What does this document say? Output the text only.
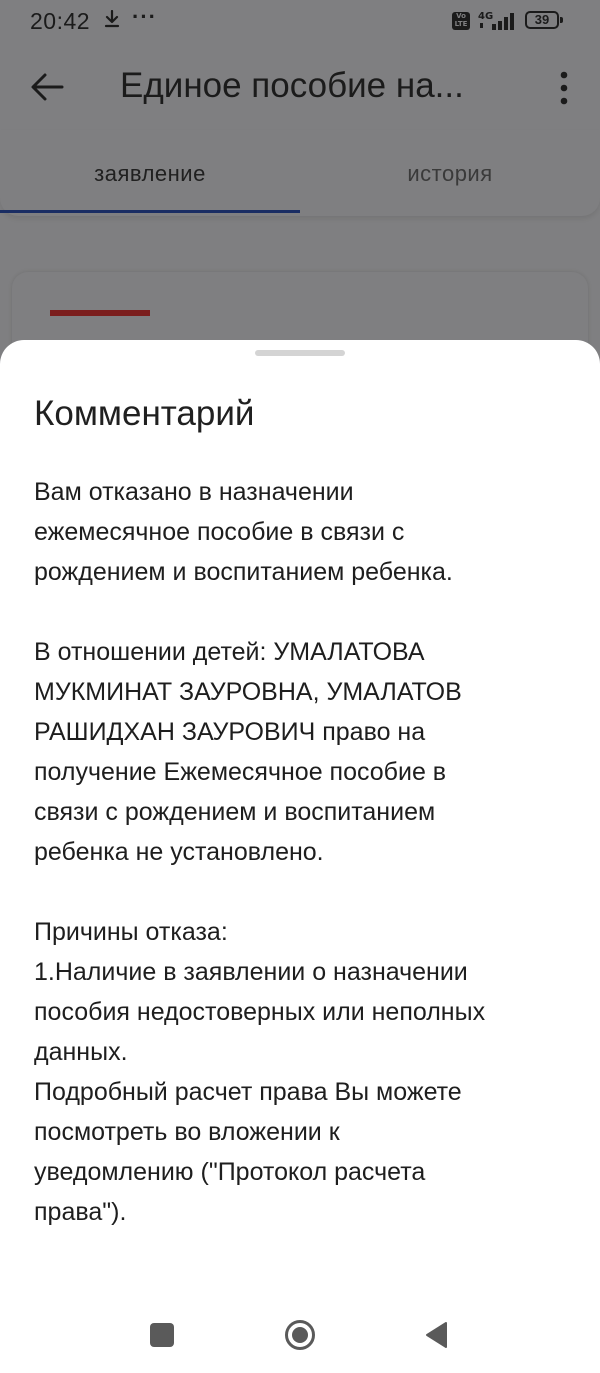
20:42 ···	Vo LTE
4G	39
Единое пособие на...
заявление	история
Комментарий

Вам отказано в назначении
ежемесячное пособие в связи с
рождением и воспитанием ребенка.

В отношении детей: УМАЛАТОВА
МУКМИНАТ ЗАУРОВНА, УМАЛАТОВ
РАШИДХАН ЗАУРОВИЧ право на
получение Ежемесячное пособие в
связи с рождением и воспитанием
ребенка не установлено.

Причины отказа:
1.Наличие в заявлении о назначении
пособия недостоверных или неполных
данных.
Подробный расчет права Вы можете
посмотреть во вложении к
уведомлению ("Протокол расчета
права").
